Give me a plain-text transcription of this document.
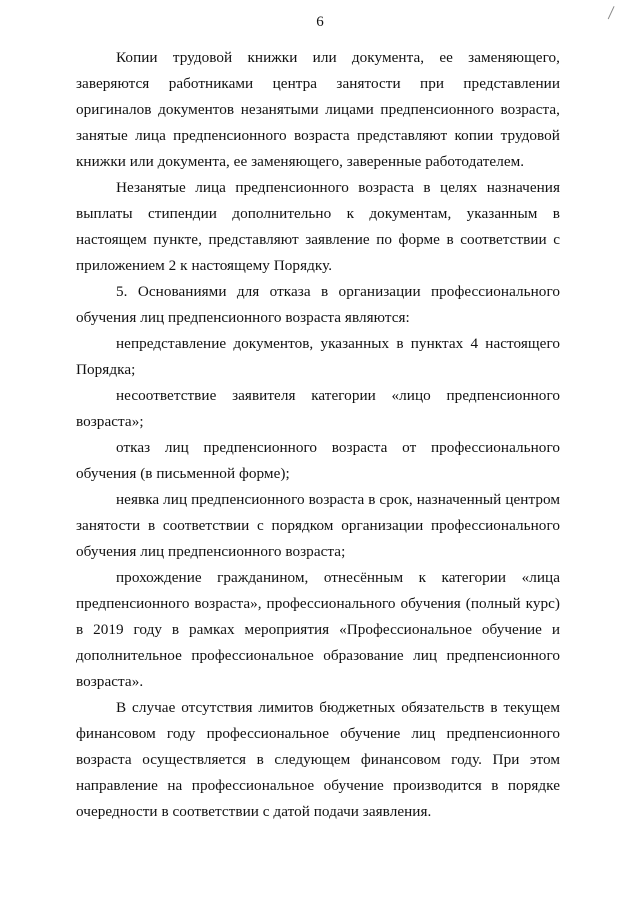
6

Копии трудовой книжки или документа, ее заменяющего, заверяются работниками центра занятости при представлении оригиналов документов незанятыми лицами предпенсионного возраста, занятые лица предпенсионного возраста представляют копии трудовой книжки или документа, ее заменяющего, заверенные работодателем.

Незанятые лица предпенсионного возраста в целях назначения выплаты стипендии дополнительно к документам, указанным в настоящем пункте, представляют заявление по форме в соответствии с приложением 2 к настоящему Порядку.

5. Основаниями для отказа в организации профессионального обучения лиц предпенсионного возраста являются:

непредставление документов, указанных в пунктах 4 настоящего Порядка;

несоответствие заявителя категории «лицо предпенсионного возраста»;

отказ лиц предпенсионного возраста от профессионального обучения (в письменной форме);

неявка лиц предпенсионного возраста в срок, назначенный центром занятости в соответствии с порядком организации профессионального обучения лиц предпенсионного возраста;

прохождение гражданином, отнесённым к категории «лица предпенсионного возраста», профессионального обучения (полный курс) в 2019 году в рамках мероприятия «Профессиональное обучение и дополнительное профессиональное образование лиц предпенсионного возраста».

В случае отсутствия лимитов бюджетных обязательств в текущем финансовом году профессиональное обучение лиц предпенсионного возраста осуществляется в следующем финансовом году. При этом направление на профессиональное обучение производится в порядке очередности в соответствии с датой подачи заявления.
